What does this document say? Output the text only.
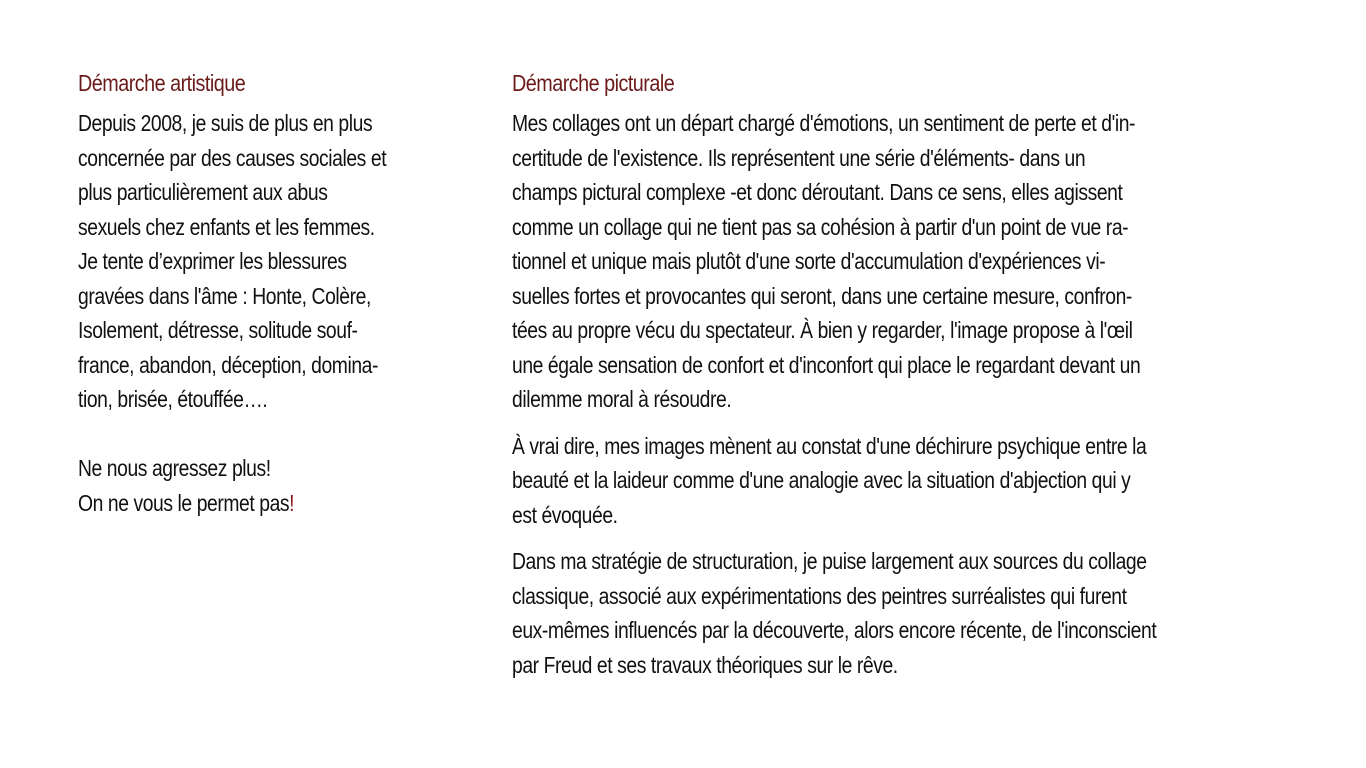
Démarche artistique
Depuis 2008, je suis de plus en plus
concernée par des causes sociales et
plus particulièrement aux abus
sexuels chez enfants et les femmes.
Je tente d’exprimer les blessures
gravées dans l'âme : Honte, Colère,
Isolement, détresse, solitude souf-
france, abandon, déception, domina-
tion, brisée, étouffée….
Ne nous agressez plus!
On ne vous le permet pas!
Démarche picturale
Mes collages ont un départ chargé d'émotions, un sentiment de perte et d'in-
certitude de l'existence. Ils représentent une série d'éléments- dans un
champs pictural complexe -et donc déroutant. Dans ce sens, elles agissent
comme un collage qui ne tient pas sa cohésion à partir d'un point de vue ra-
tionnel et unique mais plutôt d'une sorte d'accumulation d'expériences vi-
suelles fortes et provocantes qui seront, dans une certaine mesure, confron-
tées au propre vécu du spectateur. À bien y regarder, l'image propose à l'œil
une égale sensation de confort et d'inconfort qui place le regardant devant un
dilemme moral à résoudre.
À vrai dire, mes images mènent au constat d'une déchirure psychique entre la
beauté et la laideur comme d'une analogie avec la situation d'abjection qui y
est évoquée.
Dans ma stratégie de structuration, je puise largement aux sources du collage
classique, associé aux expérimentations des peintres surréalistes qui furent
eux-mêmes influencés par la découverte, alors encore récente, de l'inconscient
par Freud et ses travaux théoriques sur le rêve.
